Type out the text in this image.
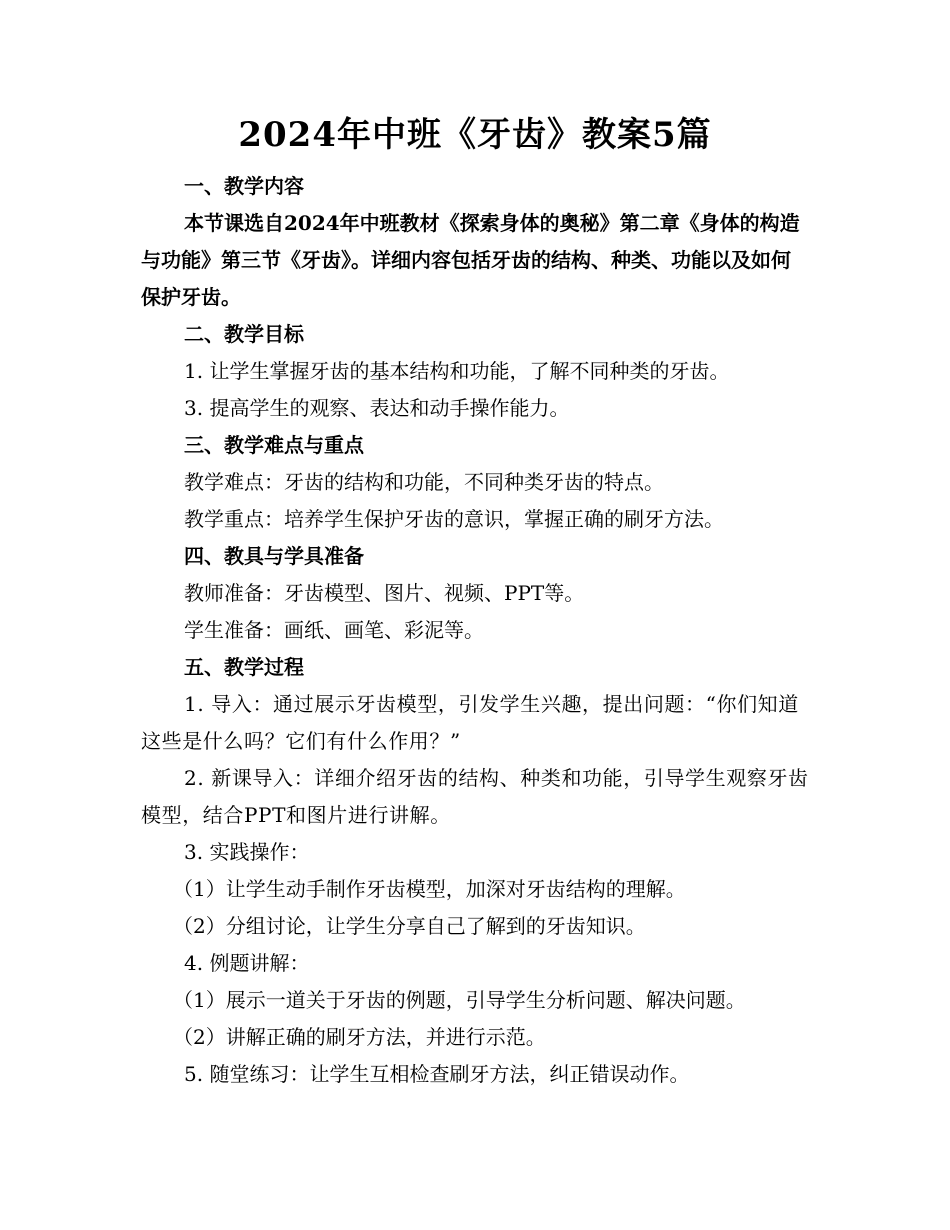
2024年中班《牙齿》教案5篇

一、教学内容

本节课选自2024年中班教材《探索身体的奥秘》第二章《身体的构造与功能》第三节《牙齿》。详细内容包括牙齿的结构、种类、功能以及如何保护牙齿。

二、教学目标

1. 让学生掌握牙齿的基本结构和功能，了解不同种类的牙齿。

3. 提高学生的观察、表达和动手操作能力。

三、教学难点与重点

教学难点：牙齿的结构和功能，不同种类牙齿的特点。

教学重点：培养学生保护牙齿的意识，掌握正确的刷牙方法。

四、教具与学具准备

教师准备：牙齿模型、图片、视频、PPT等。

学生准备：画纸、画笔、彩泥等。

五、教学过程

1. 导入：通过展示牙齿模型，引发学生兴趣，提出问题：“你们知道这些是什么吗？它们有什么作用？”

2. 新课导入：详细介绍牙齿的结构、种类和功能，引导学生观察牙齿模型，结合PPT和图片进行讲解。

3. 实践操作：

（1）让学生动手制作牙齿模型，加深对牙齿结构的理解。

（2）分组讨论，让学生分享自己了解到的牙齿知识。

4. 例题讲解：

（1）展示一道关于牙齿的例题，引导学生分析问题、解决问题。

（2）讲解正确的刷牙方法，并进行示范。

5. 随堂练习：让学生互相检查刷牙方法，纠正错误动作。
